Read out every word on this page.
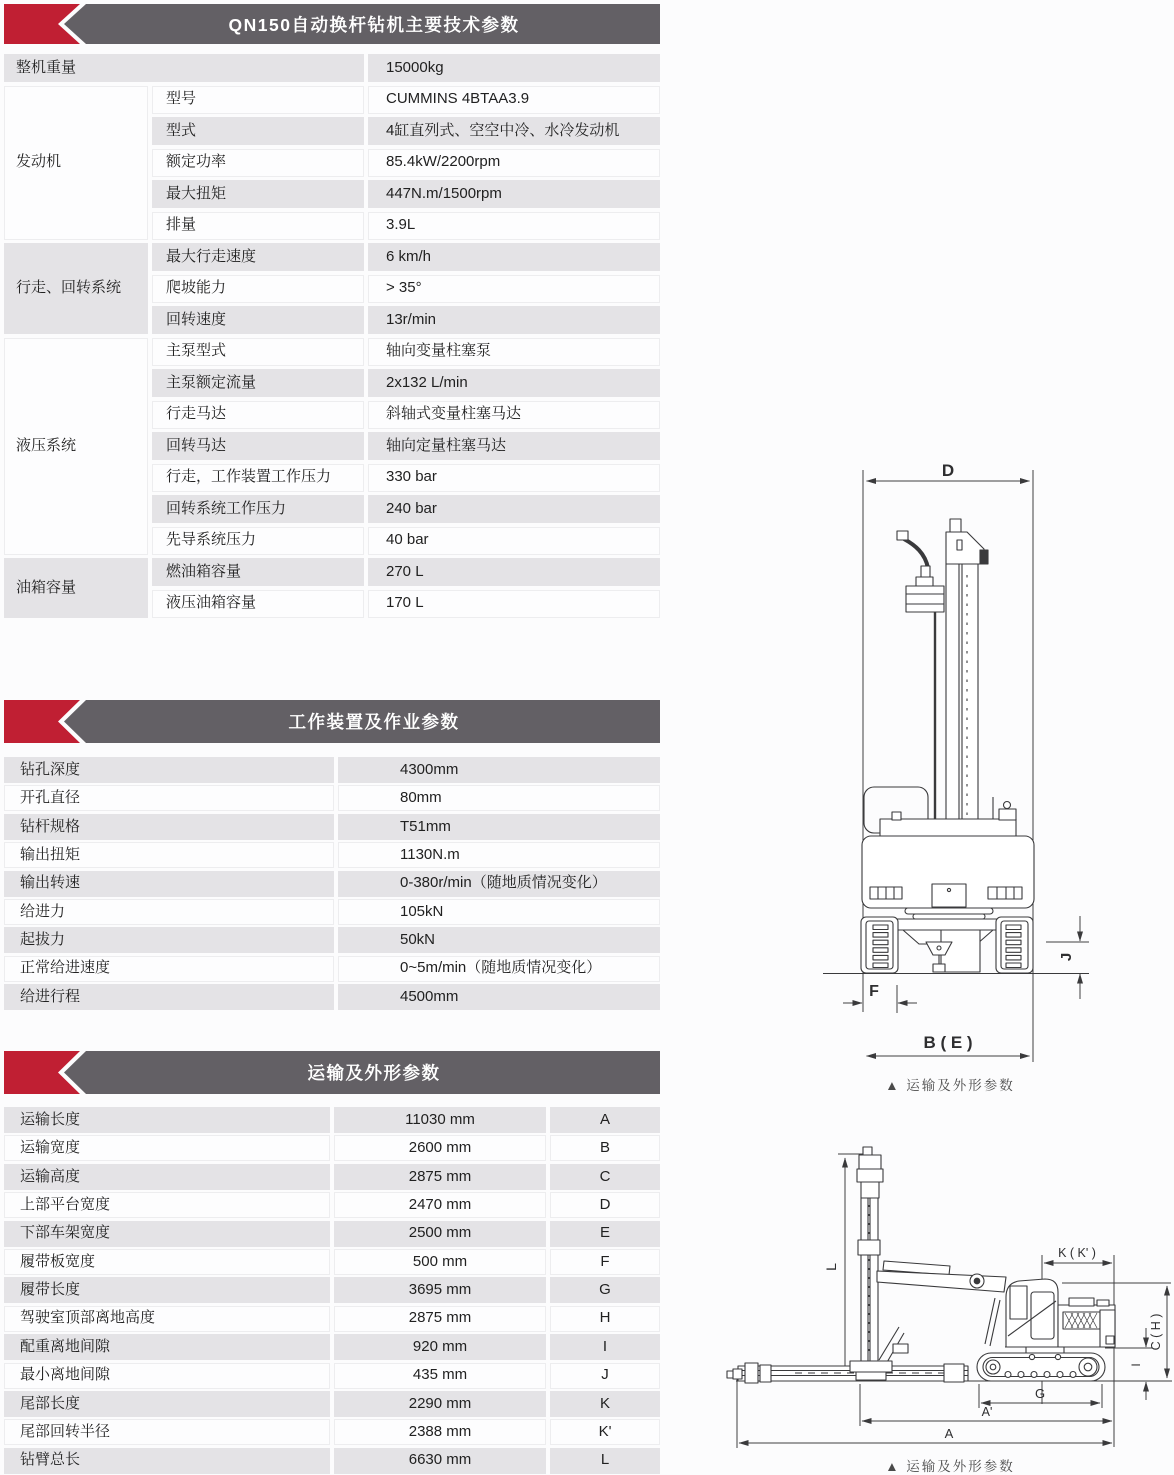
QN150自动换杆钻机主要技术参数
整机重量	15000kg
发动机
型号	CUMMINS 4BTAA3.9
型式	4缸直列式、空空中冷、水冷发动机
额定功率	85.4kW/2200rpm
最大扭矩	447N.m/1500rpm
排量	3.9L
行走、回转系统
最大行走速度	6 km/h
爬坡能力	> 35°
回转速度	13r/min
液压系统
主泵型式	轴向变量柱塞泵
主泵额定流量	2x132 L/min
行走马达	斜轴式变量柱塞马达
回转马达	轴向定量柱塞马达
行走，工作装置工作压力	330 bar
回转系统工作压力	240 bar
先导系统压力	40 bar
油箱容量
燃油箱容量	270 L
液压油箱容量	170 L
工作装置及作业参数
钻孔深度	4300mm
开孔直径	80mm
钻杆规格	T51mm
输出扭矩	1130N.m
输出转速	0-380r/min（随地质情况变化）
给进力	105kN
起拔力	50kN
正常给进速度	0~5m/min（随地质情况变化）
给进行程	4500mm
运输及外形参数
运输长度	11030 mm	A
运输宽度	2600 mm	B
运输高度	2875 mm	C
上部平台宽度	2470 mm	D
下部车架宽度	2500 mm	E
履带板宽度	500 mm	F
履带长度	3695 mm	G
驾驶室顶部离地高度	2875 mm	H
配重离地间隙	920 mm	I
最小离地间隙	435 mm	J
尾部长度	2290 mm	K
尾部回转半径	2388 mm	K'
钻臂总长	6630 mm	L
D
J
F
B ( E )
▲ 运输及外形参数
L
K ( K' )
C ( H )
I
G
A'
A
▲ 运输及外形参数
